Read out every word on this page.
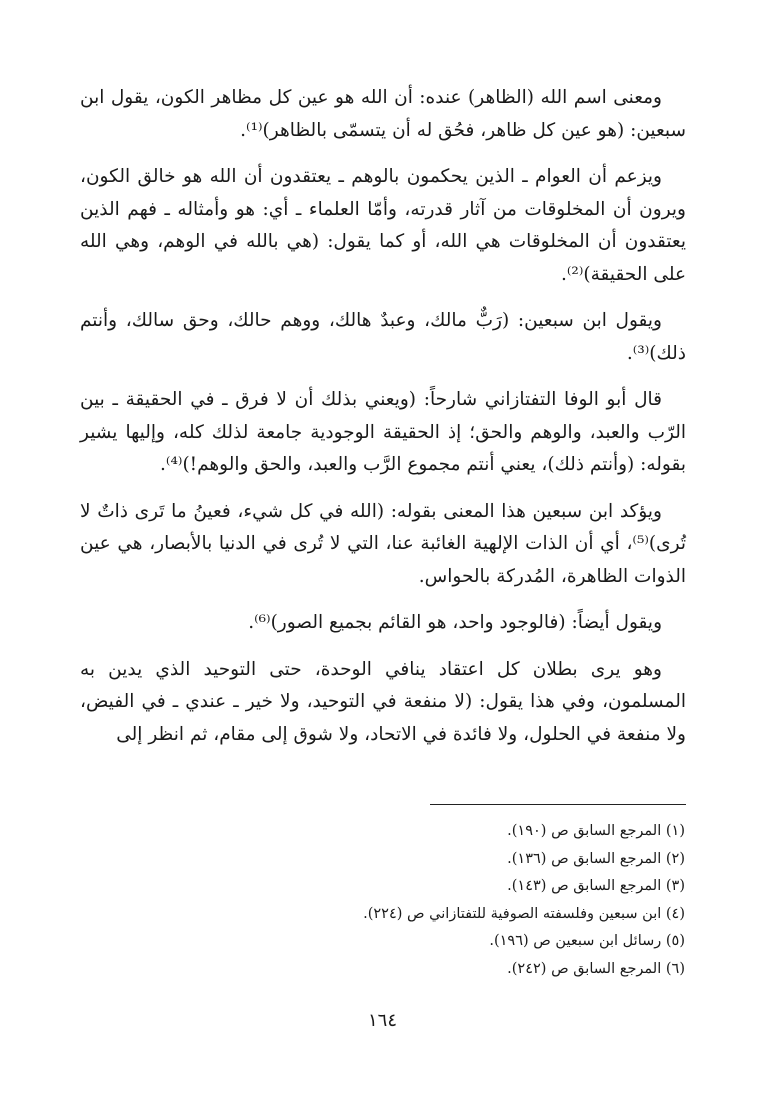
ومعنى اسم الله (الظاهر) عنده: أن الله هو عين كل مظاهر الكون، يقول ابن سبعين: (هو عين كل ظاهر، فحُق له أن يتسمّى بالظاهر)⁽¹⁾.

ويزعم أن العوام ـ الذين يحكمون بالوهم ـ يعتقدون أن الله هو خالق الكون، ويرون أن المخلوقات من آثار قدرته، وأمّا العلماء ـ أي: هو وأمثاله ـ فهم الذين يعتقدون أن المخلوقات هي الله، أو كما يقول: (هي بالله في الوهم، وهي الله على الحقيقة)⁽²⁾.

ويقول ابن سبعين: (رَبٌّ مالك، وعبدٌ هالك، ووهم حالك، وحق سالك، وأنتم ذلك)⁽³⁾.

قال أبو الوفا التفتازاني شارحاً: (ويعني بذلك أن لا فرق ـ في الحقيقة ـ بين الرّب والعبد، والوهم والحق؛ إذ الحقيقة الوجودية جامعة لذلك كله، وإليها يشير بقوله: (وأنتم ذلك)، يعني أنتم مجموع الرَّب والعبد، والحق والوهم!)⁽⁴⁾.

ويؤكد ابن سبعين هذا المعنى بقوله: (الله في كل شيء، فعينُ ما تَرى ذاتٌ لا تُرى)⁽⁵⁾، أي أن الذات الإلهية الغائبة عنا، التي لا تُرى في الدنيا بالأبصار، هي عين الذوات الظاهرة، المُدركة بالحواس.

ويقول أيضاً: (فالوجود واحد، هو القائم بجميع الصور)⁽⁶⁾.

وهو يرى بطلان كل اعتقاد ينافي الوحدة، حتى التوحيد الذي يدين به المسلمون، وفي هذا يقول: (لا منفعة في التوحيد، ولا خير ـ عندي ـ في الفيض، ولا منفعة في الحلول، ولا فائدة في الاتحاد، ولا شوق إلى مقام، ثم انظر إلى

(١) المرجع السابق ص (١٩٠).
(٢) المرجع السابق ص (١٣٦).
(٣) المرجع السابق ص (١٤٣).
(٤) ابن سبعين وفلسفته الصوفية للتفتازاني ص (٢٢٤).
(٥) رسائل ابن سبعين ص (١٩٦).
(٦) المرجع السابق ص (٢٤٢).
١٦٤
